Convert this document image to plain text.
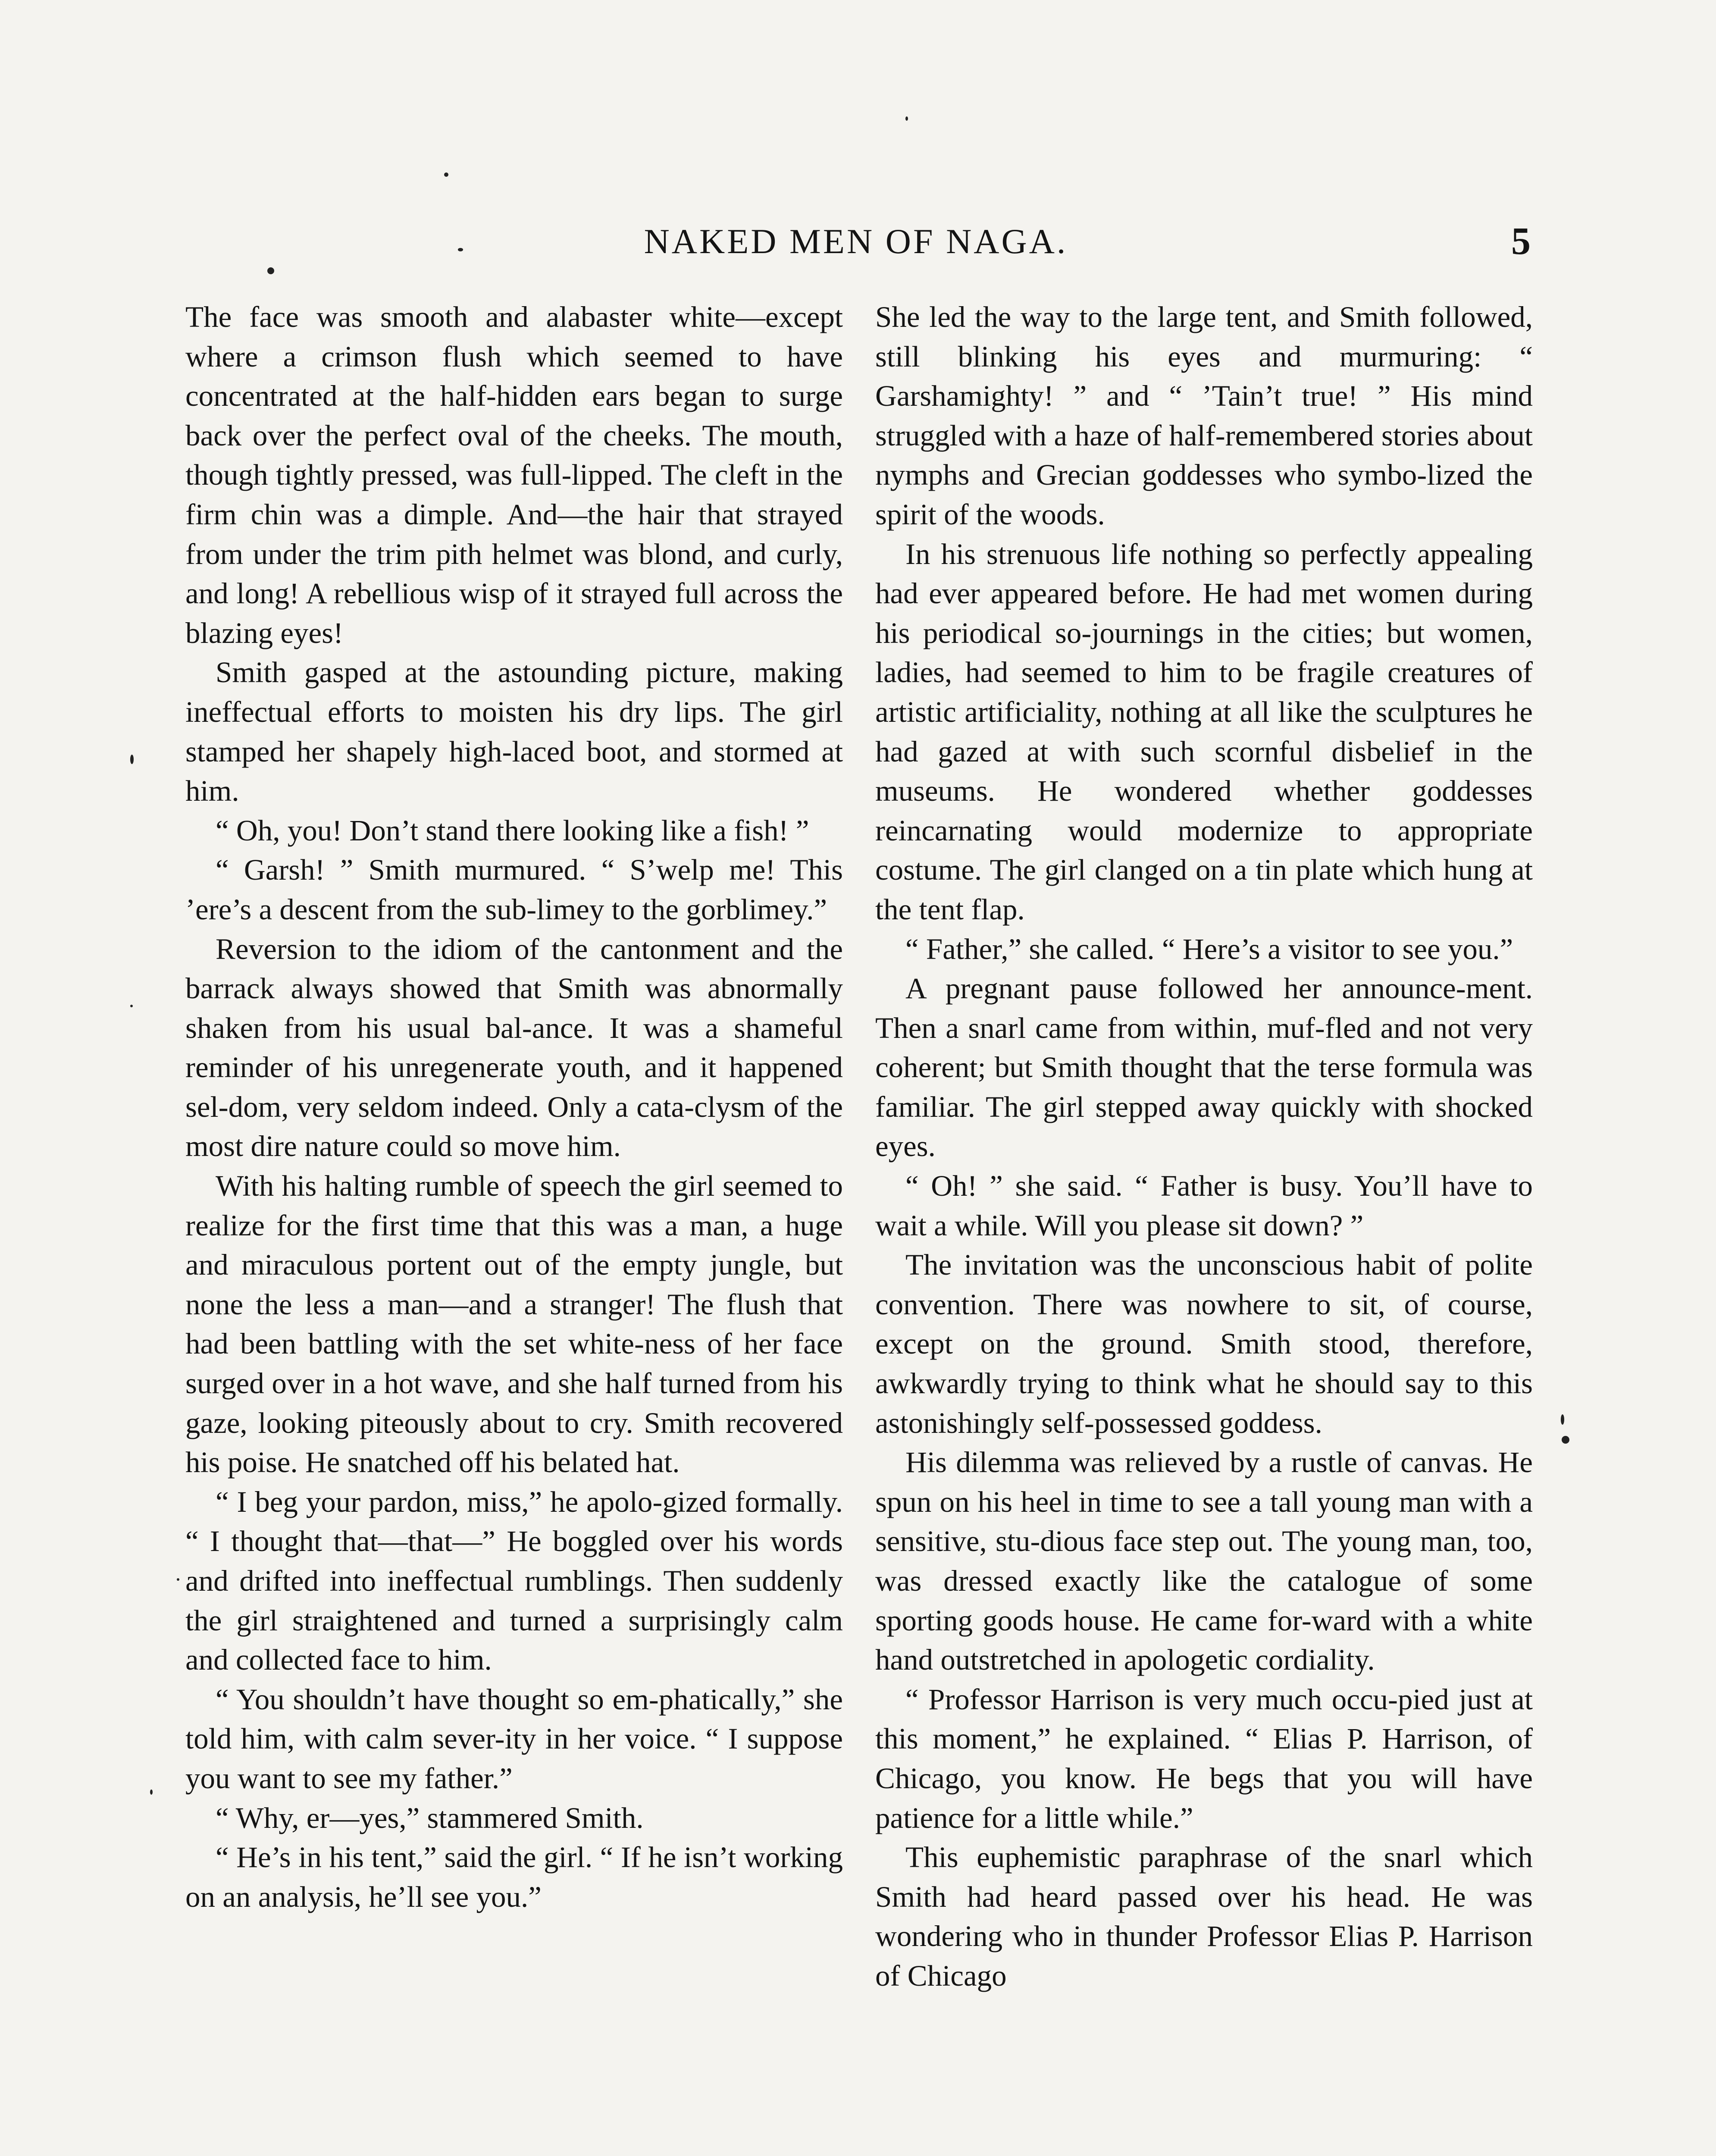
NAKED MEN OF NAGA.	5

The face was smooth and alabaster white—except where a crimson flush which seemed to have concentrated at the half-hidden ears began to surge back over the perfect oval of the cheeks. The mouth, though tightly pressed, was full-lipped. The cleft in the firm chin was a dimple. And—the hair that strayed from under the trim pith helmet was blond, and curly, and long! A rebellious wisp of it strayed full across the blazing eyes!

Smith gasped at the astounding picture, making ineffectual efforts to moisten his dry lips. The girl stamped her shapely high-laced boot, and stormed at him.

“ Oh, you! Don’t stand there looking like a fish! ”

“ Garsh! ” Smith murmured. “ S’welp me! This ’ere’s a descent from the sub-limey to the gorblimey.”

Reversion to the idiom of the cantonment and the barrack always showed that Smith was abnormally shaken from his usual bal-ance. It was a shameful reminder of his unregenerate youth, and it happened sel-dom, very seldom indeed. Only a cata-clysm of the most dire nature could so move him.

With his halting rumble of speech the girl seemed to realize for the first time that this was a man, a huge and miraculous portent out of the empty jungle, but none the less a man—and a stranger! The flush that had been battling with the set white-ness of her face surged over in a hot wave, and she half turned from his gaze, looking piteously about to cry. Smith recovered his poise. He snatched off his belated hat.

“ I beg your pardon, miss,” he apolo-gized formally. “ I thought that—that—” He boggled over his words and drifted into ineffectual rumblings. Then suddenly the girl straightened and turned a surprisingly calm and collected face to him.

“ You shouldn’t have thought so em-phatically,” she told him, with calm sever-ity in her voice. “ I suppose you want to see my father.”

“ Why, er—yes,” stammered Smith.

“ He’s in his tent,” said the girl. “ If he isn’t working on an analysis, he’ll see you.”

She led the way to the large tent, and Smith followed, still blinking his eyes and murmuring: “ Garshamighty! ” and “ ’Tain’t true! ” His mind struggled with a haze of half-remembered stories about nymphs and Grecian goddesses who symbo-lized the spirit of the woods.

In his strenuous life nothing so perfectly appealing had ever appeared before. He had met women during his periodical so-journings in the cities; but women, ladies, had seemed to him to be fragile creatures of artistic artificiality, nothing at all like the sculptures he had gazed at with such scornful disbelief in the museums. He wondered whether goddesses reincarnating would modernize to appropriate costume. The girl clanged on a tin plate which hung at the tent flap.

“ Father,” she called. “ Here’s a visitor to see you.”

A pregnant pause followed her announce-ment. Then a snarl came from within, muf-fled and not very coherent; but Smith thought that the terse formula was familiar. The girl stepped away quickly with shocked eyes.

“ Oh! ” she said. “ Father is busy. You’ll have to wait a while. Will you please sit down? ”

The invitation was the unconscious habit of polite convention. There was nowhere to sit, of course, except on the ground. Smith stood, therefore, awkwardly trying to think what he should say to this astonishingly self-possessed goddess.

His dilemma was relieved by a rustle of canvas. He spun on his heel in time to see a tall young man with a sensitive, stu-dious face step out. The young man, too, was dressed exactly like the catalogue of some sporting goods house. He came for-ward with a white hand outstretched in apologetic cordiality.

“ Professor Harrison is very much occu-pied just at this moment,” he explained. “ Elias P. Harrison, of Chicago, you know. He begs that you will have patience for a little while.”

This euphemistic paraphrase of the snarl which Smith had heard passed over his head. He was wondering who in thunder Professor Elias P. Harrison of Chicago
